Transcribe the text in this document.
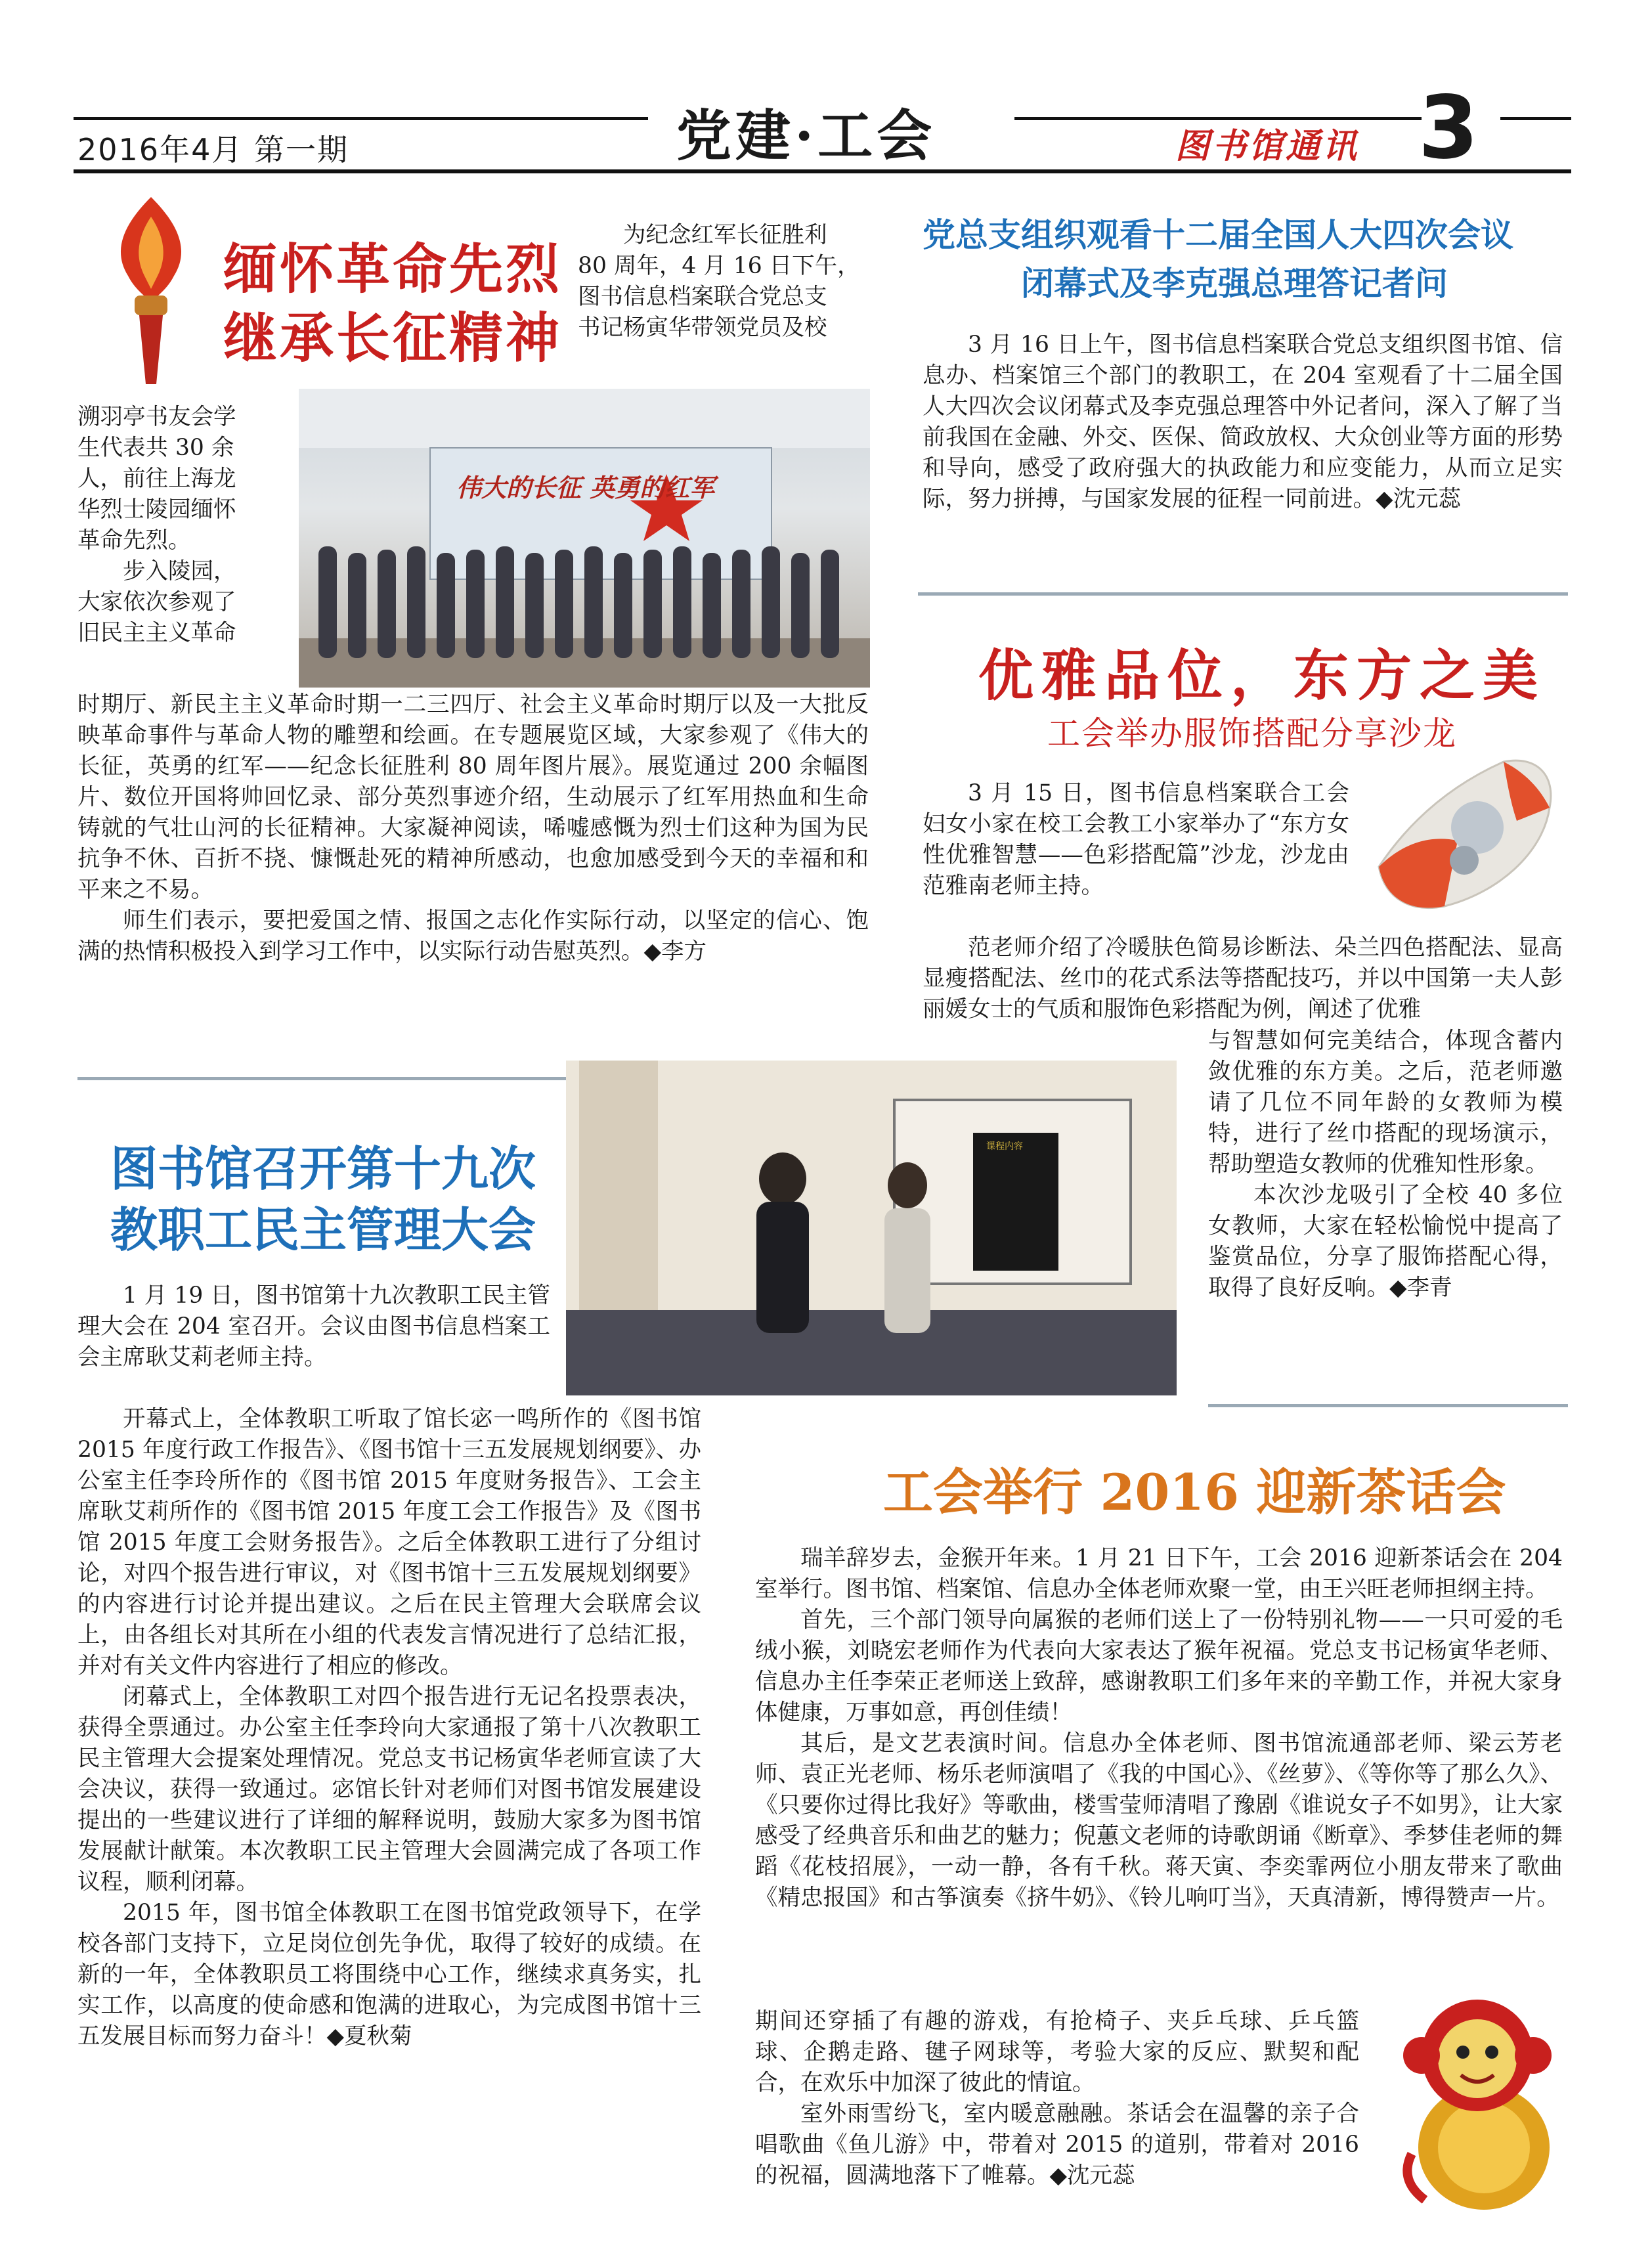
2016年4月 第一期	党建·工会	图书馆通讯 3
缅怀革命先烈
继承长征精神
为纪念红军长征胜利
80 周年，4 月 16 日下午，
图书信息档案联合党总支
书记杨寅华带领党员及校
溯羽亭书友会学
生代表共 30 余
人，前往上海龙
华烈士陵园缅怀
革命先烈。
　　步入陵园，
大家依次参观了
旧民主主义革命
伟大的长征 英勇的红军

时期厅、新民主主义革命时期一二三四厅、社会主义革命时期厅以及一大批反映革命事件与革命人物的雕塑和绘画。在专题展览区域，大家参观了《伟大的长征，英勇的红军——纪念长征胜利 80 周年图片展》。展览通过 200 余幅图片、数位开国将帅回忆录、部分英烈事迹介绍，生动展示了红军用热血和生命铸就的气壮山河的长征精神。大家凝神阅读，唏嘘感慨为烈士们这种为国为民抗争不休、百折不挠、慷慨赴死的精神所感动，也愈加感受到今天的幸福和和平来之不易。

师生们表示，要把爱国之情、报国之志化作实际行动，以坚定的信心、饱满的热情积极投入到学习工作中，以实际行动告慰英烈。◆李方

党总支组织观看十二届全国人大四次会议
闭幕式及李克强总理答记者问

3 月 16 日上午，图书信息档案联合党总支组织图书馆、信息办、档案馆三个部门的教职工，在 204 室观看了十二届全国人大四次会议闭幕式及李克强总理答中外记者问，深入了解了当前我国在金融、外交、医保、简政放权、大众创业等方面的形势和导向，感受了政府强大的执政能力和应变能力，从而立足实际，努力拼搏，与国家发展的征程一同前进。◆沈元蕊

优雅品位，东方之美
工会举办服饰搭配分享沙龙

3 月 15 日，图书信息档案联合工会妇女小家在校工会教工小家举办了“东方女性优雅智慧——色彩搭配篇”沙龙，沙龙由范雅南老师主持。

范老师介绍了冷暖肤色简易诊断法、朵兰四色搭配法、显高显瘦搭配法、丝巾的花式系法等搭配技巧，并以中国第一夫人彭丽媛女士的气质和服饰色彩搭配为例，阐述了优雅

与智慧如何完美结合，体现含蓄内敛优雅的东方美。之后，范老师邀请了几位不同年龄的女教师为模特，进行了丝巾搭配的现场演示，帮助塑造女教师的优雅知性形象。

本次沙龙吸引了全校 40 多位女教师，大家在轻松愉悦中提高了鉴赏品位，分享了服饰搭配心得，取得了良好反响。◆李青

课程内容
图书馆召开第十九次
教职工民主管理大会

1 月 19 日，图书馆第十九次教职工民主管理大会在 204 室召开。会议由图书信息档案工会主席耿艾莉老师主持。

开幕式上，全体教职工听取了馆长宓一鸣所作的《图书馆 2015 年度行政工作报告》、《图书馆十三五发展规划纲要》、办公室主任李玲所作的《图书馆 2015 年度财务报告》、工会主席耿艾莉所作的《图书馆 2015 年度工会工作报告》及《图书馆 2015 年度工会财务报告》。之后全体教职工进行了分组讨论，对四个报告进行审议，对《图书馆十三五发展规划纲要》的内容进行讨论并提出建议。之后在民主管理大会联席会议上，由各组长对其所在小组的代表发言情况进行了总结汇报，并对有关文件内容进行了相应的修改。

闭幕式上，全体教职工对四个报告进行无记名投票表决，获得全票通过。办公室主任李玲向大家通报了第十八次教职工民主管理大会提案处理情况。党总支书记杨寅华老师宣读了大会决议，获得一致通过。宓馆长针对老师们对图书馆发展建设提出的一些建议进行了详细的解释说明，鼓励大家多为图书馆发展献计献策。本次教职工民主管理大会圆满完成了各项工作议程，顺利闭幕。

2015 年，图书馆全体教职工在图书馆党政领导下，在学校各部门支持下，立足岗位创先争优，取得了较好的成绩。在新的一年，全体教职员工将围绕中心工作，继续求真务实，扎实工作，以高度的使命感和饱满的进取心，为完成图书馆十三五发展目标而努力奋斗！◆夏秋菊

工会举行 2016 迎新茶话会

瑞羊辞岁去，金猴开年来。1 月 21 日下午，工会 2016 迎新茶话会在 204 室举行。图书馆、档案馆、信息办全体老师欢聚一堂，由王兴旺老师担纲主持。

首先，三个部门领导向属猴的老师们送上了一份特别礼物——一只可爱的毛绒小猴，刘晓宏老师作为代表向大家表达了猴年祝福。党总支书记杨寅华老师、信息办主任李荣正老师送上致辞，感谢教职工们多年来的辛勤工作，并祝大家身体健康，万事如意，再创佳绩！

其后，是文艺表演时间。信息办全体老师、图书馆流通部老师、梁云芳老师、袁正光老师、杨乐老师演唱了《我的中国心》、《丝萝》、《等你等了那么久》、《只要你过得比我好》等歌曲，楼雪莹师清唱了豫剧《谁说女子不如男》，让大家感受了经典音乐和曲艺的魅力；倪蕙文老师的诗歌朗诵《断章》、季梦佳老师的舞蹈《花枝招展》，一动一静，各有千秋。蒋天寅、李奕霏两位小朋友带来了歌曲《精忠报国》和古筝演奏《挤牛奶》、《铃儿响叮当》，天真清新，博得赞声一片。

期间还穿插了有趣的游戏，有抢椅子、夹乒乓球、乒乓篮球、企鹅走路、毽子网球等，考验大家的反应、默契和配合，在欢乐中加深了彼此的情谊。

室外雨雪纷飞，室内暖意融融。茶话会在温馨的亲子合唱歌曲《鱼儿游》中，带着对 2015 的道别，带着对 2016 的祝福，圆满地落下了帷幕。◆沈元蕊
